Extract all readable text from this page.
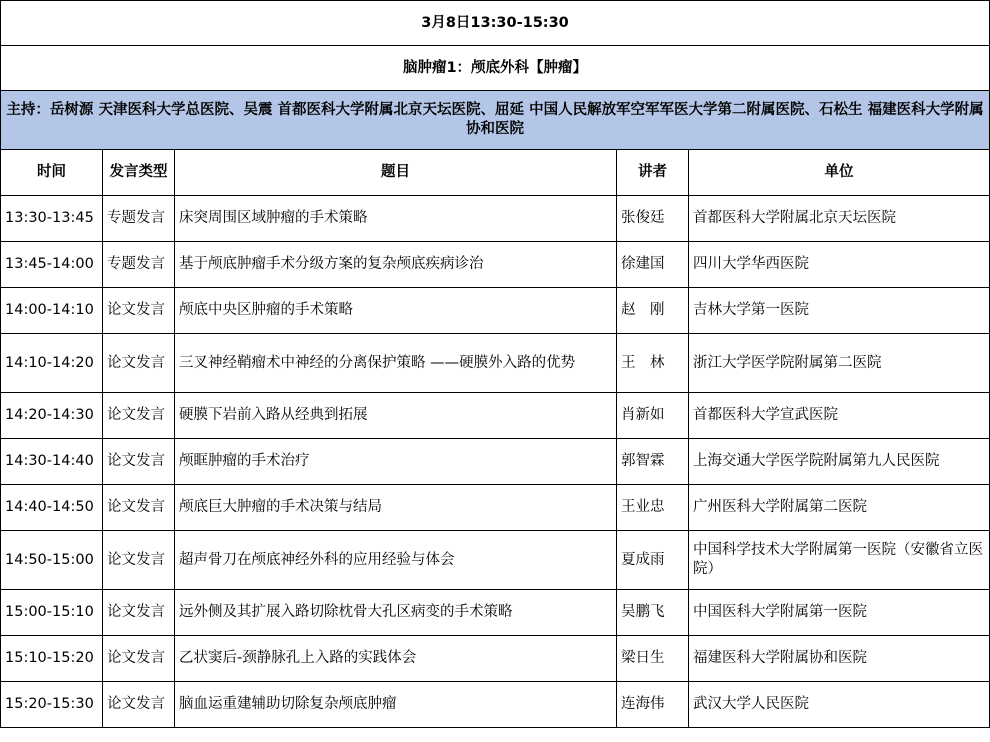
3月8日13:30-15:30				
脑肿瘤1：颅底外科【肿瘤】				
主持：岳树源 天津医科大学总医院、吴震 首都医科大学附属北京天坛医院、屈延 中国人民解放军空军军医大学第二附属医院、石松生 福建医科大学附属协和医院				
时间	发言类型	题目	讲者	单位
13:30-13:45	专题发言	床突周围区域肿瘤的手术策略	张俊廷	首都医科大学附属北京天坛医院
13:45-14:00	专题发言	基于颅底肿瘤手术分级方案的复杂颅底疾病诊治	徐建国	四川大学华西医院
14:00-14:10	论文发言	颅底中央区肿瘤的手术策略	赵　刚	吉林大学第一医院
14:10-14:20	论文发言	三叉神经鞘瘤术中神经的分离保护策略 ——硬膜外入路的优势	王　林	浙江大学医学院附属第二医院
14:20-14:30	论文发言	硬膜下岩前入路从经典到拓展	肖新如	首都医科大学宣武医院
14:30-14:40	论文发言	颅眶肿瘤的手术治疗	郭智霖	上海交通大学医学院附属第九人民医院
14:40-14:50	论文发言	颅底巨大肿瘤的手术决策与结局	王业忠	广州医科大学附属第二医院
14:50-15:00	论文发言	超声骨刀在颅底神经外科的应用经验与体会	夏成雨	中国科学技术大学附属第一医院（安徽省立医院）
15:00-15:10	论文发言	远外侧及其扩展入路切除枕骨大孔区病变的手术策略	吴鹏飞	中国医科大学附属第一医院
15:10-15:20	论文发言	乙状窦后-颈静脉孔上入路的实践体会	梁日生	福建医科大学附属协和医院
15:20-15:30	论文发言	脑血运重建辅助切除复杂颅底肿瘤	连海伟	武汉大学人民医院
